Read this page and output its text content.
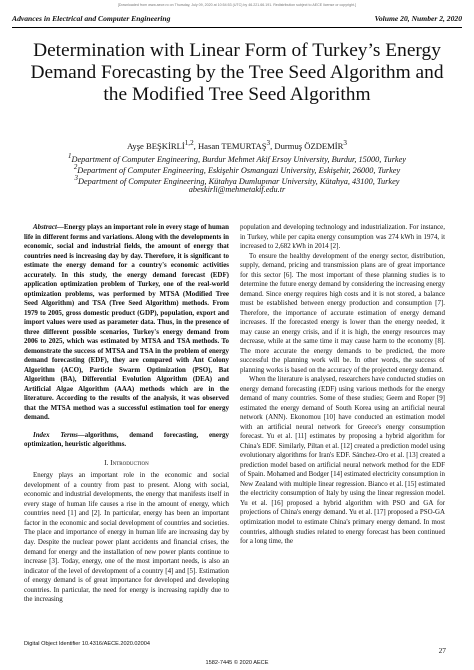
[Downloaded from www.aece.ro on Thursday, July 09, 2020 at 10:54:53 (UTC) by 46.221.66.191. Redistribution subject to AECE license or copyright.]
Advances in Electrical and Computer Engineering	Volume 20, Number 2, 2020
Determination with Linear Form of Turkey’s Energy Demand Forecasting by the Tree Seed Algorithm and the Modified Tree Seed Algorithm
Ayşe BEŞKİRLİ$^{1,2}$, Hasan TEMURTAŞ$^3$, Durmuş ÖZDEMİR$^3$
$^1$Department of Computer Engineering, Burdur Mehmet Akif Ersoy University, Burdur, 15000, Turkey
$^2$Department of Computer Engineering, Eskişehir Osmangazi University, Eskişehir, 26000, Turkey
$^3$Department of Computer Engineering, Kütahya Dumlupınar University, Kütahya, 43100, Turkey
abeskirli@mehmetakif.edu.tr

Abstract—Energy plays an important role in every stage of human life in different forms and variations. Along with the developments in economic, social and industrial fields, the amount of energy that countries need is increasing day by day. Therefore, it is significant to estimate the energy demand for a country's economic activities accurately. In this study, the energy demand forecast (EDF) application optimization problem of Turkey, one of the real-world optimization problems, was performed by MTSA (Modified Tree Seed Algorithm) and TSA (Tree Seed Algorithm) methods. From 1979 to 2005, gross domestic product (GDP), population, export and import values were used as parameter data. Thus, in the presence of three different possible scenarios, Turkey's energy demand from 2006 to 2025, which was estimated by MTSA and TSA methods. To demonstrate the success of MTSA and TSA in the problem of energy demand forecasting (EDF), they are compared with Ant Colony Algorithm (ACO), Particle Swarm Optimization (PSO), Bat Algorithm (BA), Differential Evolution Algorithm (DEA) and Artificial Algae Algorithm (AAA) methods which are in the literature. According to the results of the analysis, it was observed that the MTSA method was a successful estimation tool for energy demand.

Index Terms—algorithms, demand forecasting, energy optimization, heuristic algorithms.

I. Introduction

Energy plays an important role in the economic and social development of a country from past to present. Along with social, economic and industrial developments, the energy that manifests itself in every stage of human life causes a rise in the amount of energy, which countries need [1] and [2]. In particular, energy has been an important factor in the economic and social development of countries and societies. The place and importance of energy in human life are increasing day by day. Despite the nuclear power plant accidents and financial crises, the demand for energy and the installation of new power plants continue to increase [3]. Today, energy, one of the most important needs, is also an indicator of the level of development of a country [4] and [5]. Estimation of energy demand is of great importance for developed and developing countries. In particular, the need for energy is increasing rapidly due to the increasing

population and developing technology and industrialization. For instance, in Turkey, while per capita energy consumption was 274 kWh in 1974, it increased to 2,682 kWh in 2014 [2].

To ensure the healthy development of the energy sector, distribution, supply, demand, pricing and transmission plans are of great importance for this sector [6]. The most important of these planning studies is to determine the future energy demand by considering the increasing energy demand. Since energy requires high costs and it is not stored, a balance must be established between energy production and consumption [7]. Therefore, the importance of accurate estimation of energy demand increases. If the forecasted energy is lower than the energy needed, it may cause an energy crisis, and if it is high, the energy resources may decrease, while at the same time it may cause harm to the economy [8]. The more accurate the energy demands to be predicted, the more successful the planning work will be. In other words, the success of planning works is based on the accuracy of the projected energy demand.

When the literature is analysed, researchers have conducted studies on energy demand forecasting (EDF) using various methods for the energy demand of many countries. Some of these studies; Geem and Roper [9] estimated the energy demand of South Korea using an artificial neural network (ANN). Ekonomou [10] have conducted an estimation model with an artificial neural network for Greece's energy consumption forecast. Yu et al. [11] estimates by proposing a hybrid algorithm for China's EDF. Similarly, Piltan et al. [12] created a prediction model using evolutionary algorithms for Iran's EDF. Sánchez-Oro et al. [13] created a prediction model based on artificial neural network method for the EDF of Spain. Mohamed and Bodger [14] estimated electricity consumption in New Zealand with multiple linear regression. Bianco et al. [15] estimated the electricity consumption of Italy by using the linear regression model. Yu et al. [16] proposed a hybrid algorithm with PSO and GA for projections of China's energy demand. Yu et al. [17] proposed a PSO-GA optimization model to estimate China's primary energy demand. In most countries, although studies related to energy forecast has been continued for a long time, the

Digital Object Identifier 10.4316/AECE.2020.02004
27
1582-7445 © 2020 AECE
